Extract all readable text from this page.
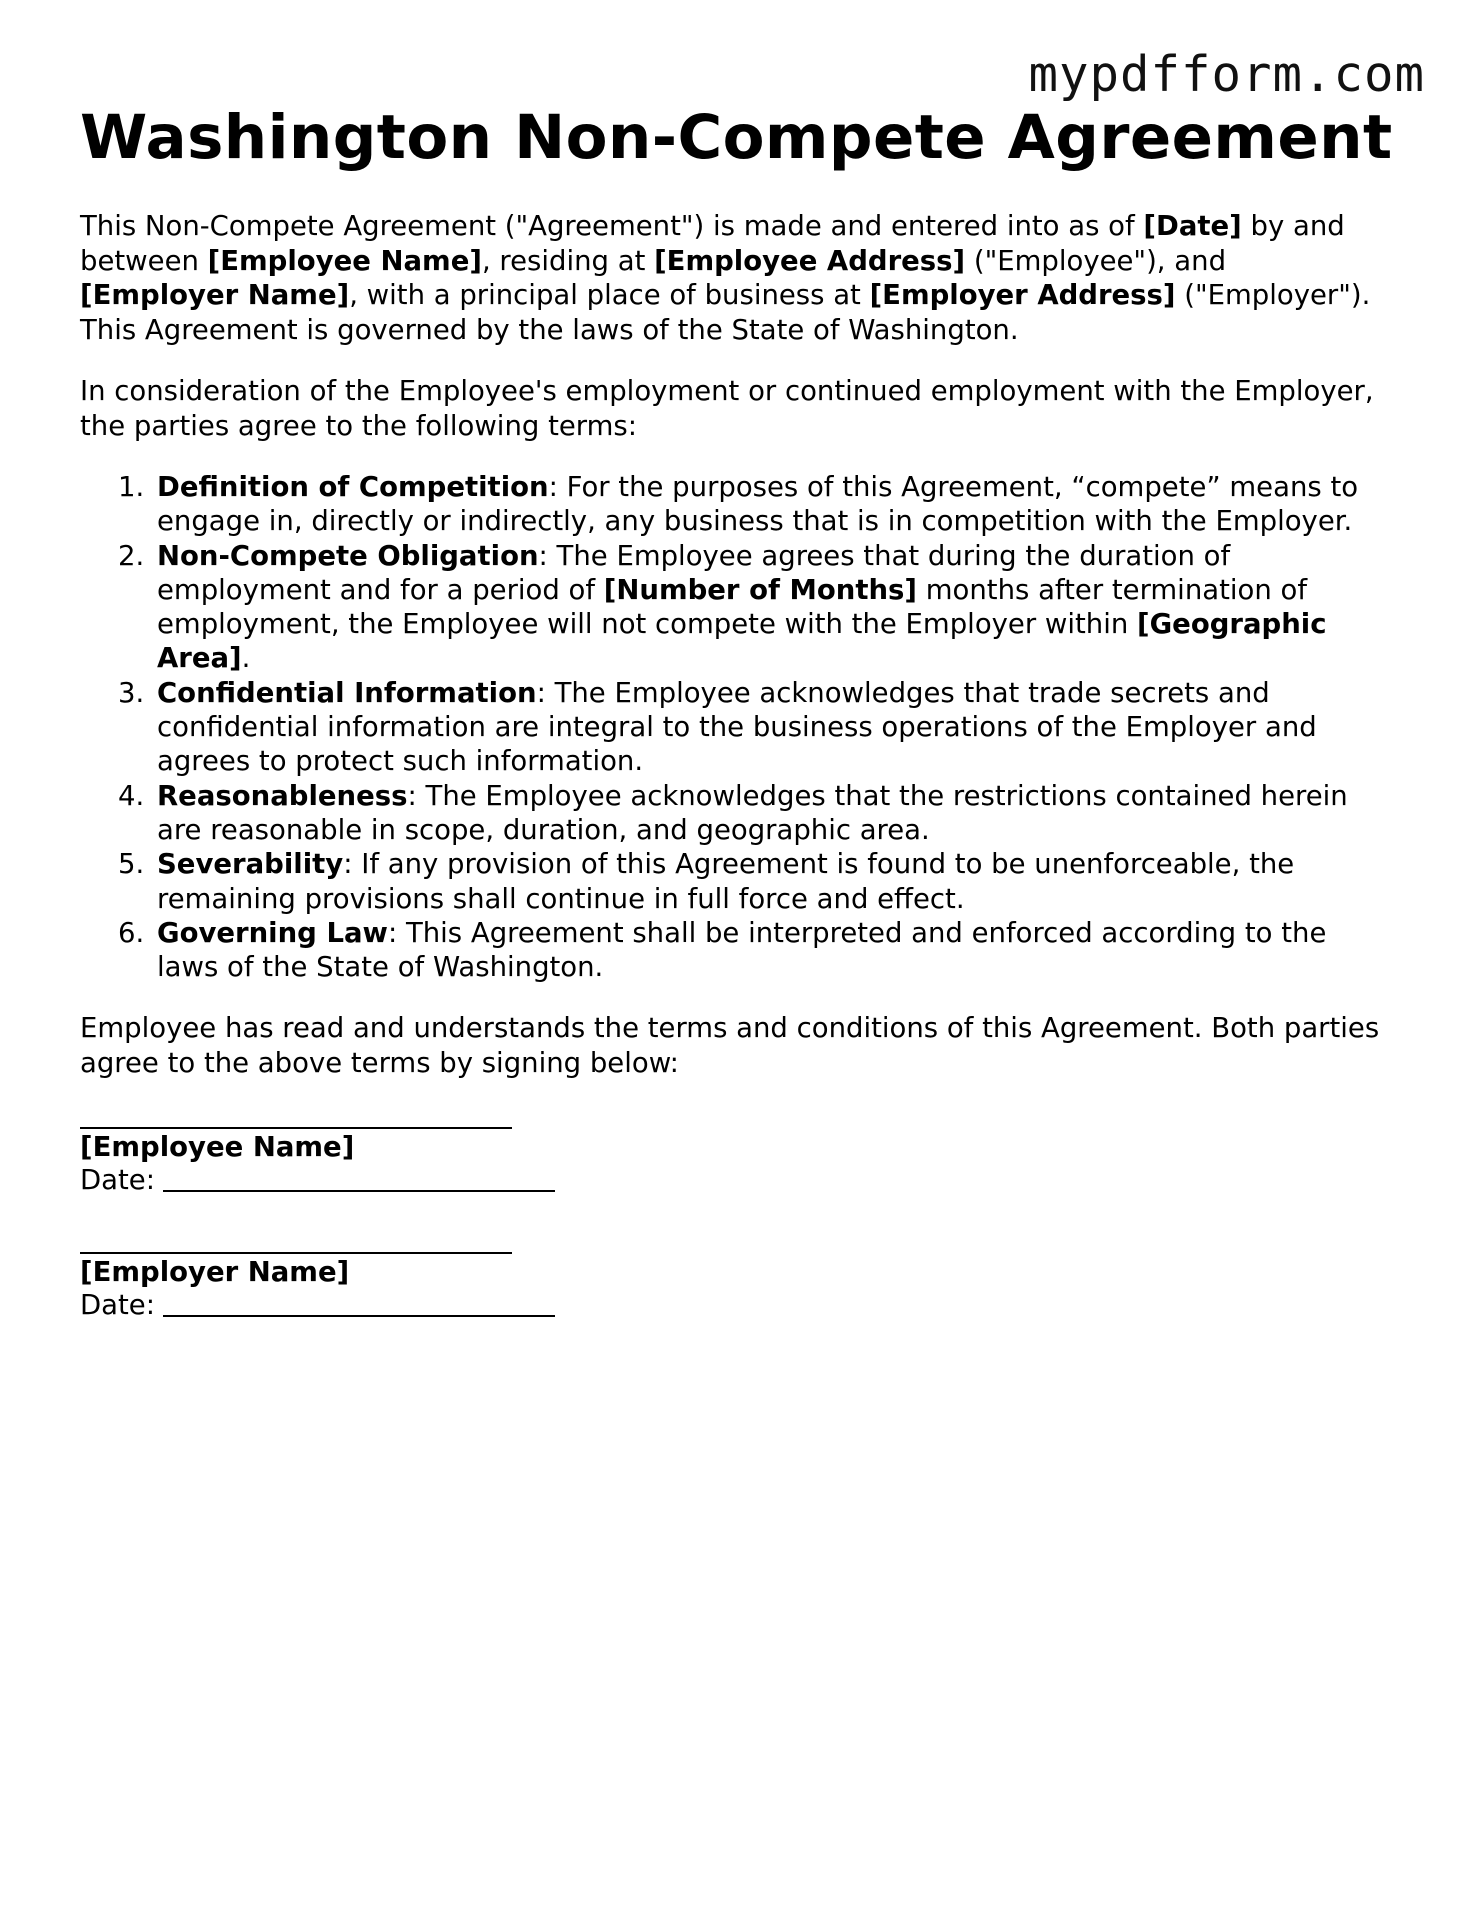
mypdfform.com
Washington Non-Compete Agreement

This Non-Compete Agreement ("Agreement") is made and entered into as of [Date] by and between [Employee Name], residing at [Employee Address] ("Employee"), and [Employer Name], with a principal place of business at [Employer Address] ("Employer"). This Agreement is governed by the laws of the State of Washington.

In consideration of the Employee's employment or continued employment with the Employer, the parties agree to the following terms:

1. Definition of Competition: For the purposes of this Agreement, “compete” means to engage in, directly or indirectly, any business that is in competition with the Employer.
2. Non-Compete Obligation: The Employee agrees that during the duration of employment and for a period of [Number of Months] months after termination of employment, the Employee will not compete with the Employer within [Geographic Area].
3. Confidential Information: The Employee acknowledges that trade secrets and confidential information are integral to the business operations of the Employer and agrees to protect such information.
4. Reasonableness: The Employee acknowledges that the restrictions contained herein are reasonable in scope, duration, and geographic area.
5. Severability: If any provision of this Agreement is found to be unenforceable, the remaining provisions shall continue in full force and effect.
6. Governing Law: This Agreement shall be interpreted and enforced according to the laws of the State of Washington.

Employee has read and understands the terms and conditions of this Agreement. Both parties agree to the above terms by signing below:

[Employee Name]
Date:
[Employer Name]
Date:
